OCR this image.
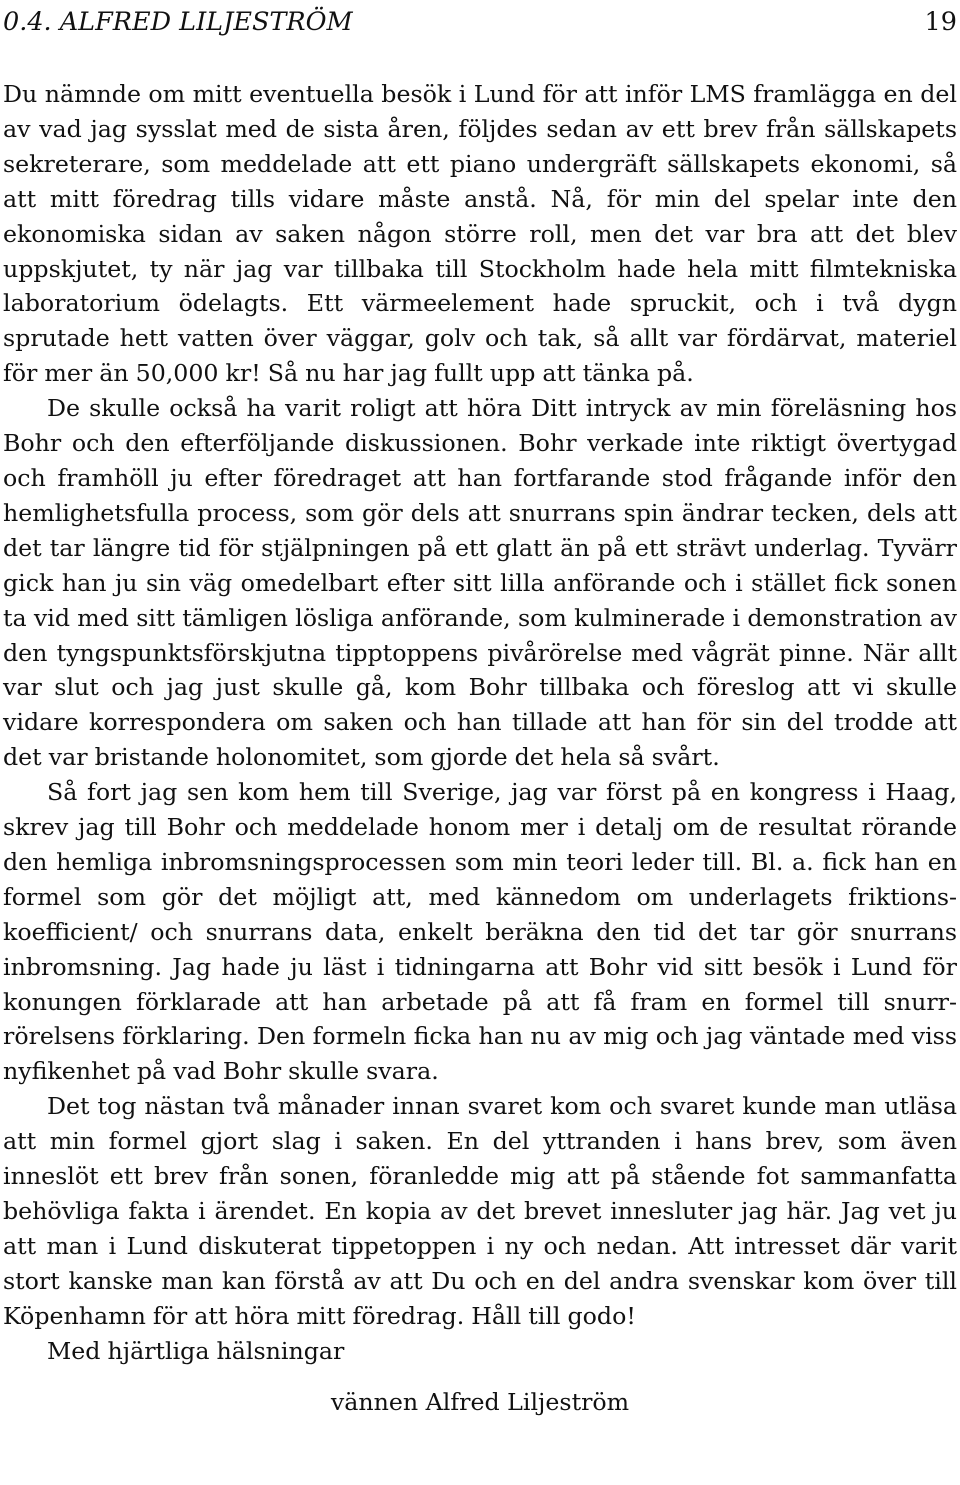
0.4. ALFRED LILJESTRÖM	19

Du nämnde om mitt eventuella besök i Lund för att inför LMS framlägga en del av vad jag sysslat med de sista åren, följdes sedan av ett brev från sällskapets sekreterare, som meddelade att ett piano undergräft sällskapets ekonomi, så att mitt föredrag tills vidare måste anstå. Nå, för min del spelar inte den ekonomiska sidan av saken någon större roll, men det var bra att det blev uppskjutet, ty när jag var tillbaka till Stockholm hade hela mitt filmtekniska laboratorium ödelagts. Ett värmeelement hade spruckit, och i två dygn sprutade hett vatten över väggar, golv och tak, så allt var fördärvat, materiel för mer än 50,000 kr! Så nu har jag fullt upp att tänka på.

De skulle också ha varit roligt att höra Ditt intryck av min föreläsning hos Bohr och den efterföljande diskussionen. Bohr verkade inte riktigt övertygad och framhöll ju efter föredraget att han fortfarande stod frågande inför den hemlighetsfulla process, som gör dels att snurrans spin ändrar tecken, dels att det tar längre tid för stjälpningen på ett glatt än på ett strävt underlag. Tyvärr gick han ju sin väg omedelbart efter sitt lilla anförande och i stället fick sonen ta vid med sitt tämligen lösliga anförande, som kulminerade i demonstration av den tyngspunktsförskjutna tipptoppens pivårörelse med vågrät pinne. När allt var slut och jag just skulle gå, kom Bohr tillbaka och föreslog att vi skulle vidare korrespondera om saken och han tillade att han för sin del trodde att det var bristande holonomitet, som gjorde det hela så svårt.

Så fort jag sen kom hem till Sverige, jag var först på en kongress i Haag, skrev jag till Bohr och meddelade honom mer i detalj om de resultat rörande den hemliga inbromsningsprocessen som min teori leder till. Bl. a. fick han en formel som gör det möjligt att, med kännedom om underlagets friktionskoefficient/ och snurrans data, enkelt beräkna den tid det tar gör snurrans inbromsning. Jag hade ju läst i tidningarna att Bohr vid sitt besök i Lund för konungen förklarade att han arbetade på att få fram en formel till snurrrörelsens förklaring. Den formeln ficka han nu av mig och jag väntade med viss nyfikenhet på vad Bohr skulle svara.

Det tog nästan två månader innan svaret kom och svaret kunde man utläsa att min formel gjort slag i saken. En del yttranden i hans brev, som även inneslöt ett brev från sonen, föranledde mig att på stående fot sammanfatta behövliga fakta i ärendet. En kopia av det brevet innesluter jag här. Jag vet ju att man i Lund diskuterat tippetoppen i ny och nedan. Att intresset där varit stort kanske man kan förstå av att Du och en del andra svenskar kom över till Köpenhamn för att höra mitt föredrag. Håll till godo!

Med hjärtliga hälsningar

vännen Alfred Liljeström
